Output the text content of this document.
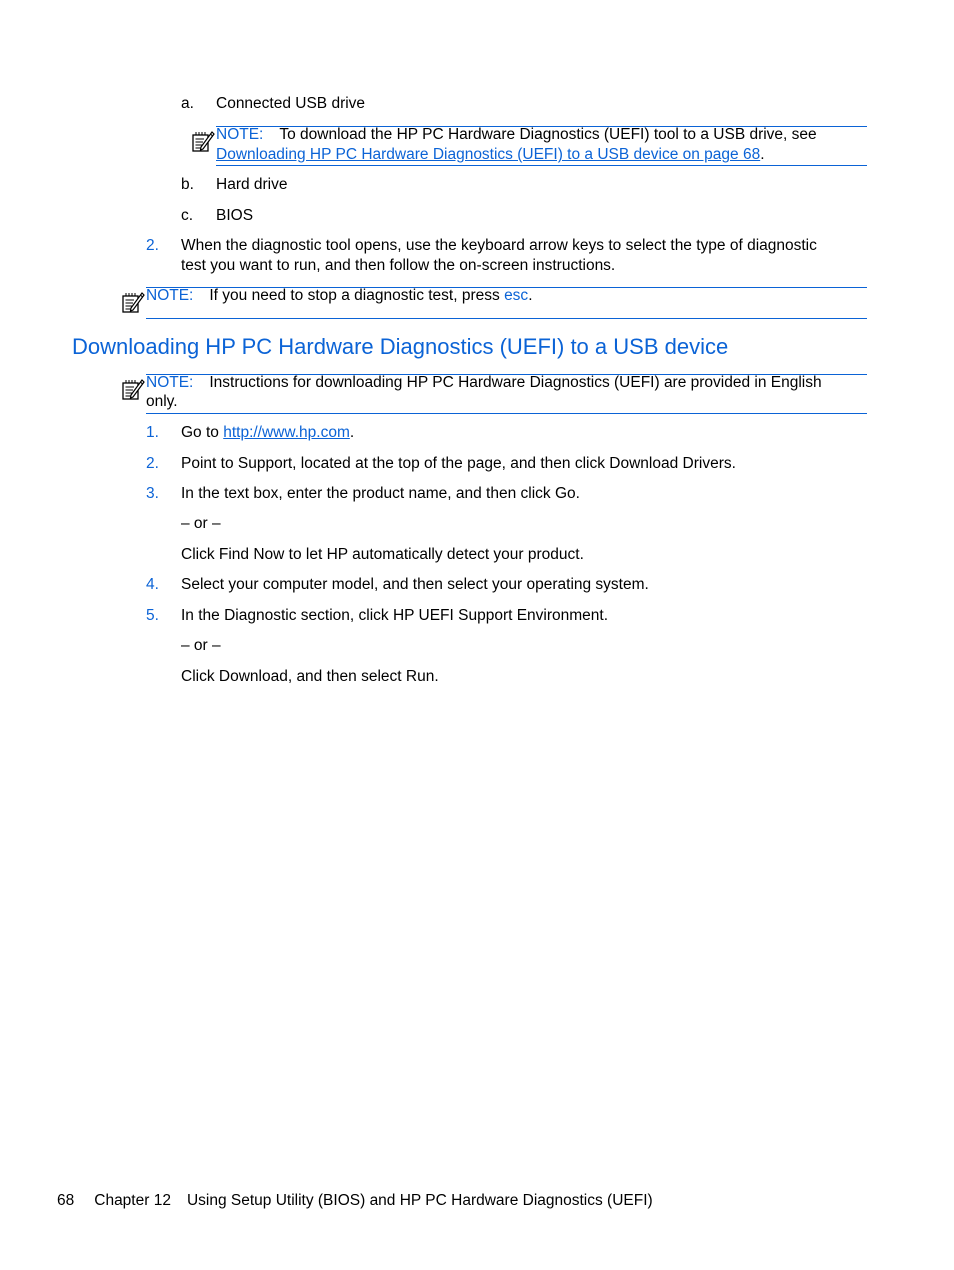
a. Connected USB drive
NOTE: To download the HP PC Hardware Diagnostics (UEFI) tool to a USB drive, see
Downloading HP PC Hardware Diagnostics (UEFI) to a USB device on page 68.
b. Hard drive
c. BIOS
2. When the diagnostic tool opens, use the keyboard arrow keys to select the type of diagnostic
test you want to run, and then follow the on-screen instructions.
NOTE: If you need to stop a diagnostic test, press esc.
Downloading HP PC Hardware Diagnostics (UEFI) to a USB device
NOTE: Instructions for downloading HP PC Hardware Diagnostics (UEFI) are provided in English
only.
1. Go to http://www.hp.com.
2. Point to Support, located at the top of the page, and then click Download Drivers.
3. In the text box, enter the product name, and then click Go.
– or –
Click Find Now to let HP automatically detect your product.
4. Select your computer model, and then select your operating system.
5. In the Diagnostic section, click HP UEFI Support Environment.
– or –
Click Download, and then select Run.
68 Chapter 12 Using Setup Utility (BIOS) and HP PC Hardware Diagnostics (UEFI)
